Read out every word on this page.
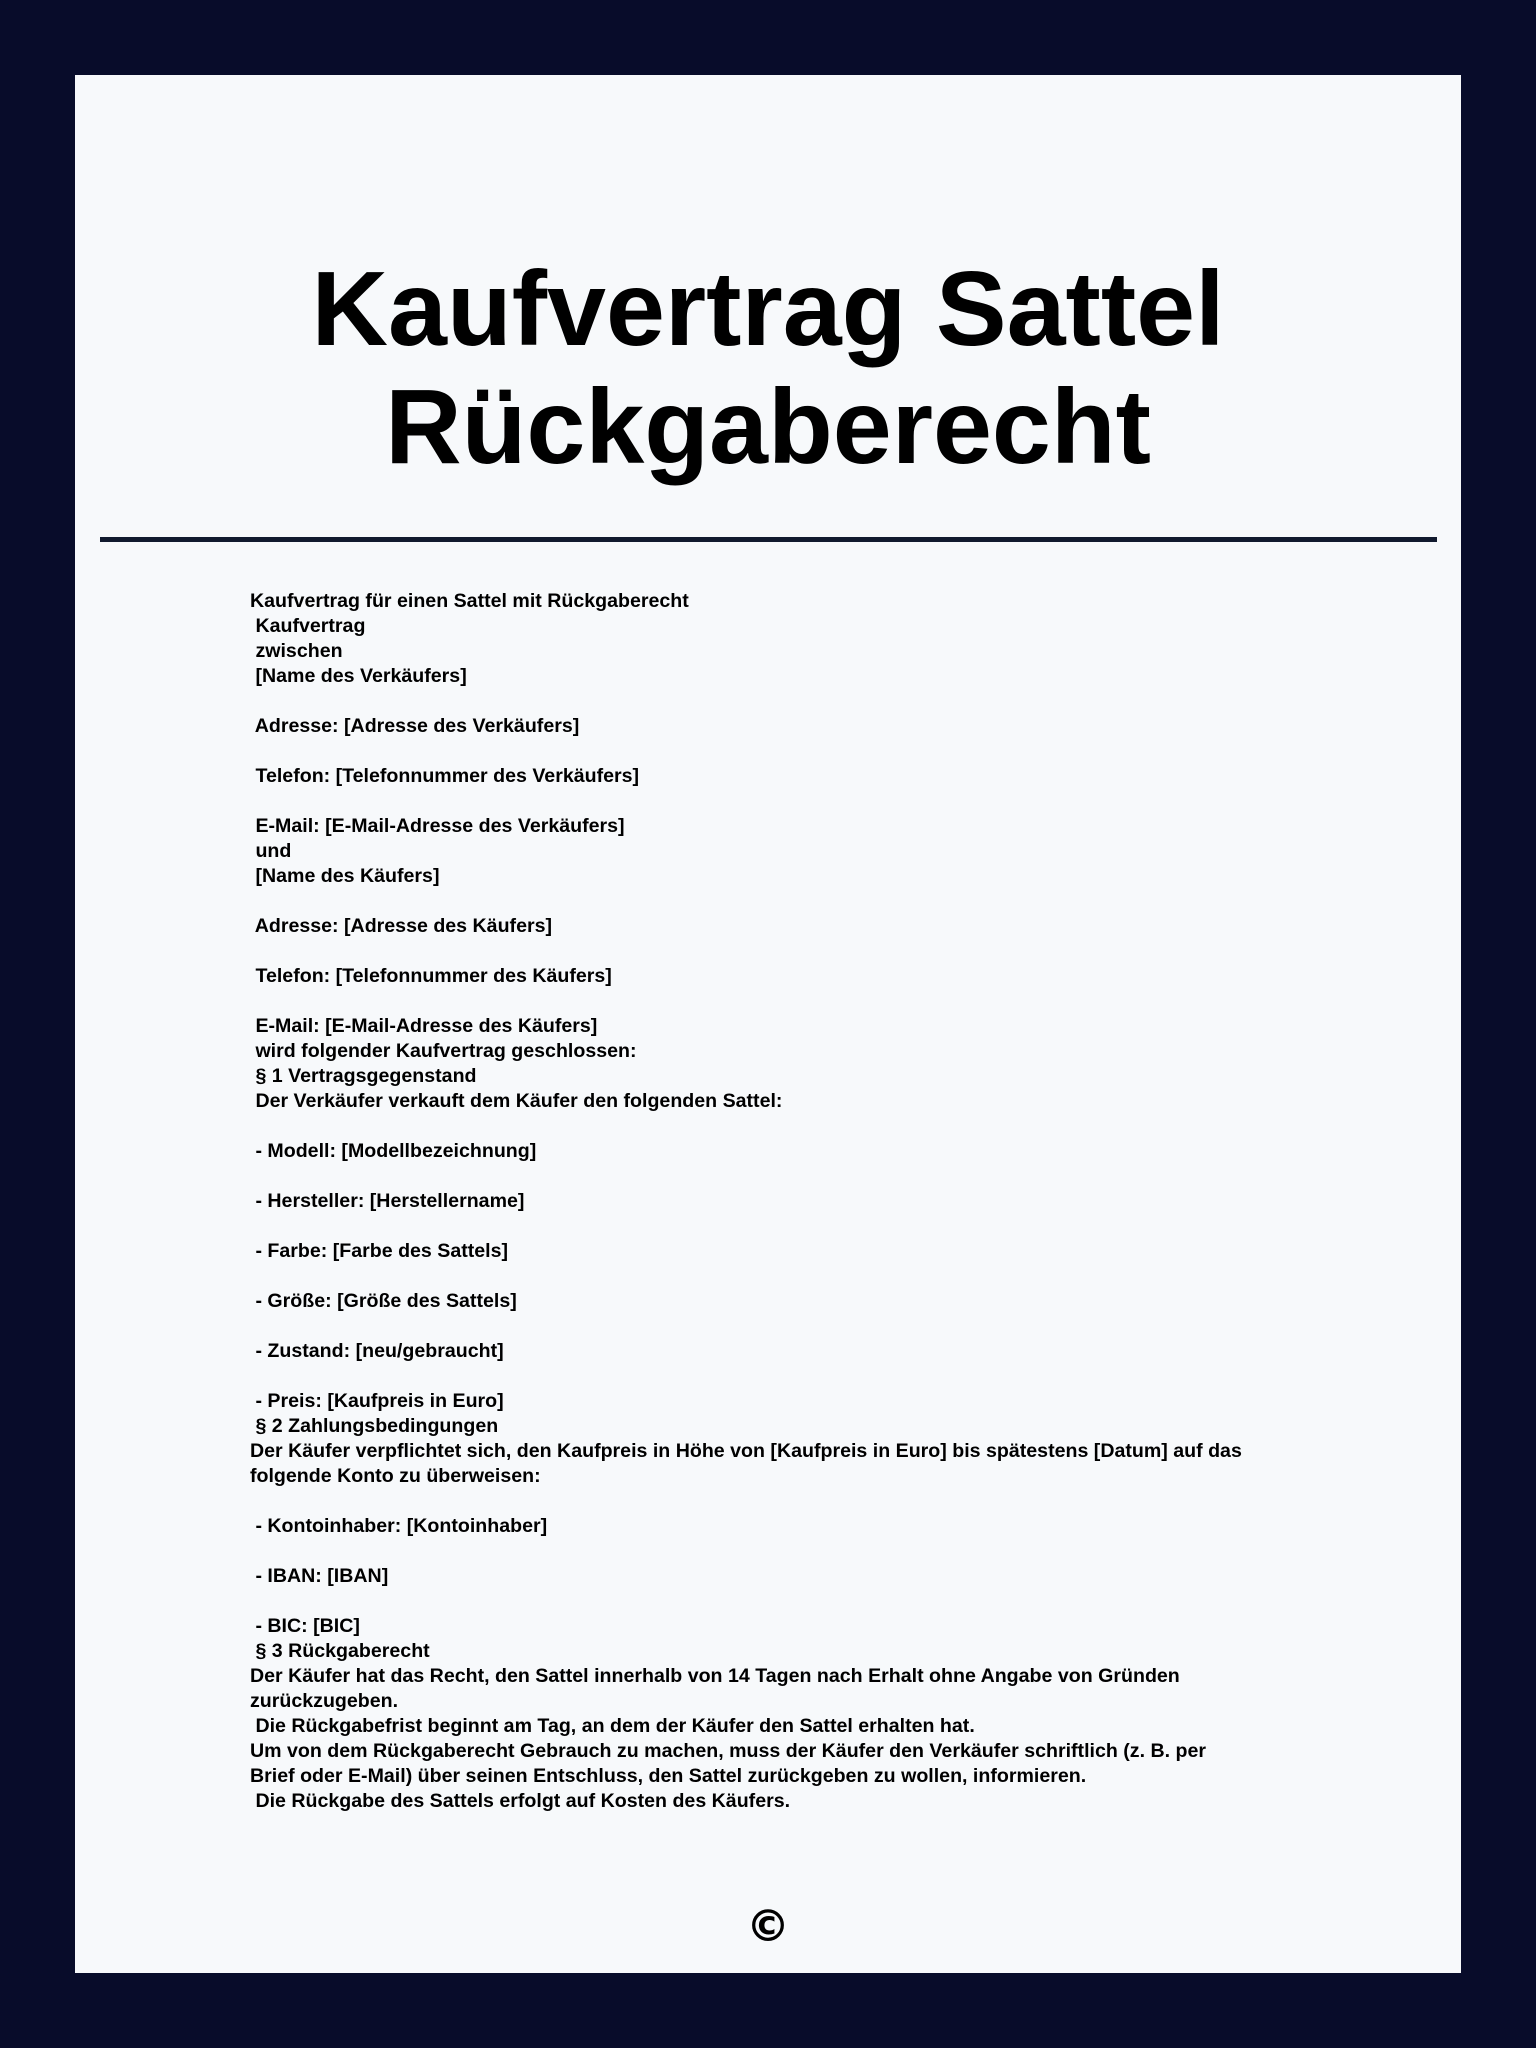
Kaufvertrag Sattel
Rückgaberecht
Kaufvertrag für einen Sattel mit Rückgaberecht
Kaufvertrag
zwischen
[Name des Verkäufers]
Adresse: [Adresse des Verkäufers]
Telefon: [Telefonnummer des Verkäufers]
E-Mail: [E-Mail-Adresse des Verkäufers]
und
[Name des Käufers]
Adresse: [Adresse des Käufers]
Telefon: [Telefonnummer des Käufers]
E-Mail: [E-Mail-Adresse des Käufers]
wird folgender Kaufvertrag geschlossen:
§ 1 Vertragsgegenstand
Der Verkäufer verkauft dem Käufer den folgenden Sattel:
- Modell: [Modellbezeichnung]
- Hersteller: [Herstellername]
- Farbe: [Farbe des Sattels]
- Größe: [Größe des Sattels]
- Zustand: [neu/gebraucht]
- Preis: [Kaufpreis in Euro]
§ 2 Zahlungsbedingungen
Der Käufer verpflichtet sich, den Kaufpreis in Höhe von [Kaufpreis in Euro] bis spätestens [Datum] auf das
folgende Konto zu überweisen:
- Kontoinhaber: [Kontoinhaber]
- IBAN: [IBAN]
- BIC: [BIC]
§ 3 Rückgaberecht
Der Käufer hat das Recht, den Sattel innerhalb von 14 Tagen nach Erhalt ohne Angabe von Gründen
zurückzugeben.
Die Rückgabefrist beginnt am Tag, an dem der Käufer den Sattel erhalten hat.
Um von dem Rückgaberecht Gebrauch zu machen, muss der Käufer den Verkäufer schriftlich (z. B. per
Brief oder E-Mail) über seinen Entschluss, den Sattel zurückgeben zu wollen, informieren.
Die Rückgabe des Sattels erfolgt auf Kosten des Käufers.
©
